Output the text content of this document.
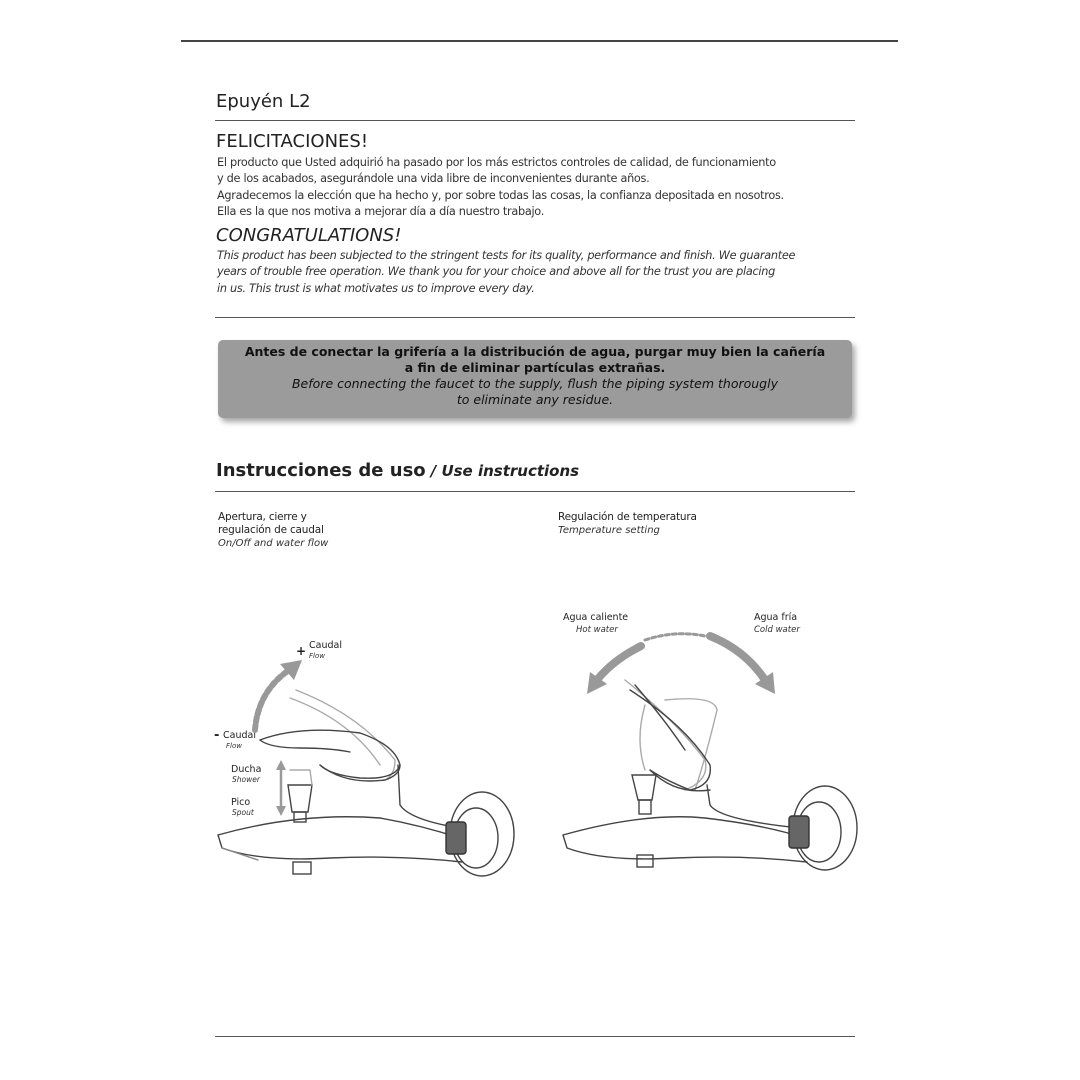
Epuyén L2
FELICITACIONES!
El producto que Usted adquirió ha pasado por los más estrictos controles de calidad, de funcionamiento
y de los acabados, asegurándole una vida libre de inconvenientes durante años.
Agradecemos la elección que ha hecho y, por sobre todas las cosas, la confianza depositada en nosotros.
Ella es la que nos motiva a mejorar día a día nuestro trabajo.
CONGRATULATIONS!
This product has been subjected to the stringent tests for its quality, performance and finish. We guarantee
years of trouble free operation. We thank you for your choice and above all for the trust you are placing
in us. This trust is what motivates us to improve every day.
Antes de conectar la grifería a la distribución de agua, purgar muy bien la cañería
a fin de eliminar partículas extrañas.
Before connecting the faucet to the supply, flush the piping system thorougly
to eliminate any residue.
Instrucciones de uso / Use instructions
Apertura, cierre y
regulación de caudal
On/Off and water flow
Regulación de temperatura
Temperature setting
+ Caudal
Flow
- Caudal
Flow
Ducha
Shower
Pico
Spout
Agua caliente
Hot water
Agua fría
Cold water
